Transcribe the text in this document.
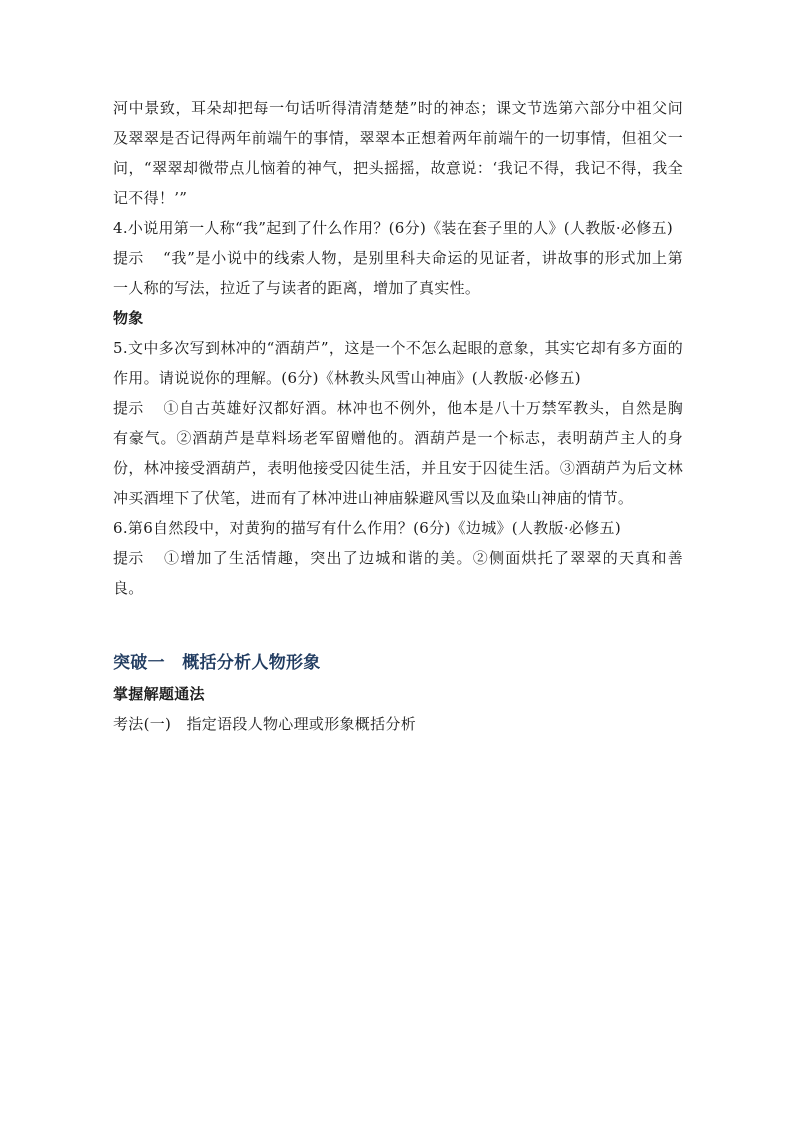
河中景致，耳朵却把每一句话听得清清楚楚”时的神态；课文节选第六部分中祖父问及翠翠是否记得两年前端午的事情，翠翠本正想着两年前端午的一切事情，但祖父一问，“翠翠却微带点儿恼着的神气，把头摇摇，故意说：‘我记不得，我记不得，我全记不得！’”

4.小说用第一人称“我”起到了什么作用？(6分)《装在套子里的人》(人教版·必修五)

提示 “我”是小说中的线索人物，是别里科夫命运的见证者，讲故事的形式加上第一人称的写法，拉近了与读者的距离，增加了真实性。

物象

5.文中多次写到林冲的“酒葫芦”，这是一个不怎么起眼的意象，其实它却有多方面的作用。请说说你的理解。(6分)《林教头风雪山神庙》(人教版·必修五)

提示 ①自古英雄好汉都好酒。林冲也不例外，他本是八十万禁军教头，自然是胸有豪气。②酒葫芦是草料场老军留赠他的。酒葫芦是一个标志，表明葫芦主人的身份，林冲接受酒葫芦，表明他接受囚徒生活，并且安于囚徒生活。③酒葫芦为后文林冲买酒埋下了伏笔，进而有了林冲进山神庙躲避风雪以及血染山神庙的情节。

6.第6自然段中，对黄狗的描写有什么作用？(6分)《边城》(人教版·必修五)

提示 ①增加了生活情趣，突出了边城和谐的美。②侧面烘托了翠翠的天真和善良。

突破一　概括分析人物形象

掌握解题通法

考法(一)　指定语段人物心理或形象概括分析
